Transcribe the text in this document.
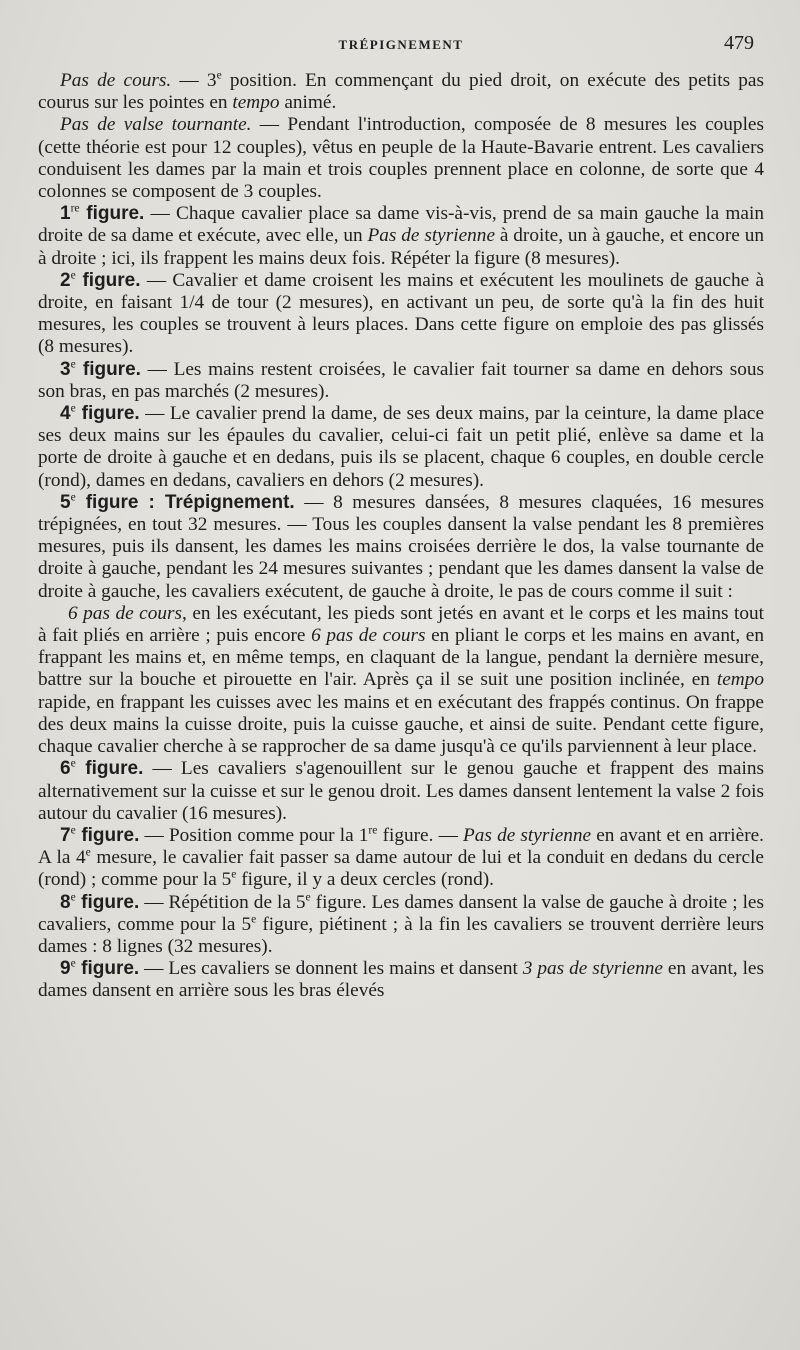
TRÉPIGNEMENT	479

Pas de cours. — 3e position. En commençant du pied droit, on exécute des petits pas courus sur les pointes en tempo animé.

Pas de valse tournante. — Pendant l'introduction, composée de 8 mesures les couples (cette théorie est pour 12 couples), vêtus en peuple de la Haute-Bavarie entrent. Les cavaliers conduisent les dames par la main et trois couples prennent place en colonne, de sorte que 4 colonnes se composent de 3 couples.

1re figure. — Chaque cavalier place sa dame vis-à-vis, prend de sa main gauche la main droite de sa dame et exécute, avec elle, un Pas de styrienne à droite, un à gauche, et encore un à droite ; ici, ils frappent les mains deux fois. Répéter la figure (8 mesures).

2e figure. — Cavalier et dame croisent les mains et exécutent les moulinets de gauche à droite, en faisant 1/4 de tour (2 mesures), en activant un peu, de sorte qu'à la fin des huit mesures, les couples se trouvent à leurs places. Dans cette figure on emploie des pas glissés (8 mesures).

3e figure. — Les mains restent croisées, le cavalier fait tourner sa dame en dehors sous son bras, en pas marchés (2 mesures).

4e figure. — Le cavalier prend la dame, de ses deux mains, par la ceinture, la dame place ses deux mains sur les épaules du cavalier, celui-ci fait un petit plié, enlève sa dame et la porte de droite à gauche et en dedans, puis ils se placent, chaque 6 couples, en double cercle (rond), dames en dedans, cavaliers en dehors (2 mesures).

5e figure : Trépignement. — 8 mesures dansées, 8 mesures claquées, 16 mesures trépignées, en tout 32 mesures. — Tous les couples dansent la valse pendant les 8 premières mesures, puis ils dansent, les dames les mains croisées derrière le dos, la valse tournante de droite à gauche, pendant les 24 mesures suivantes ; pendant que les dames dansent la valse de droite à gauche, les cavaliers exécutent, de gauche à droite, le pas de cours comme il suit :

6 pas de cours, en les exécutant, les pieds sont jetés en avant et le corps et les mains tout à fait pliés en arrière ; puis encore 6 pas de cours en pliant le corps et les mains en avant, en frappant les mains et, en même temps, en claquant de la langue, pendant la dernière mesure, battre sur la bouche et pirouette en l'air. Après ça il se suit une position inclinée, en tempo rapide, en frappant les cuisses avec les mains et en exécutant des frappés continus. On frappe des deux mains la cuisse droite, puis la cuisse gauche, et ainsi de suite. Pendant cette figure, chaque cavalier cherche à se rapprocher de sa dame jusqu'à ce qu'ils parviennent à leur place.

6e figure. — Les cavaliers s'agenouillent sur le genou gauche et frappent des mains alternativement sur la cuisse et sur le genou droit. Les dames dansent lentement la valse 2 fois autour du cavalier (16 mesures).

7e figure. — Position comme pour la 1re figure. — Pas de styrienne en avant et en arrière. A la 4e mesure, le cavalier fait passer sa dame autour de lui et la conduit en dedans du cercle (rond) ; comme pour la 5e figure, il y a deux cercles (rond).

8e figure. — Répétition de la 5e figure. Les dames dansent la valse de gauche à droite ; les cavaliers, comme pour la 5e figure, piétinent ; à la fin les cavaliers se trouvent derrière leurs dames : 8 lignes (32 mesures).

9e figure. — Les cavaliers se donnent les mains et dansent 3 pas de styrienne en avant, les dames dansent en arrière sous les bras élevés
